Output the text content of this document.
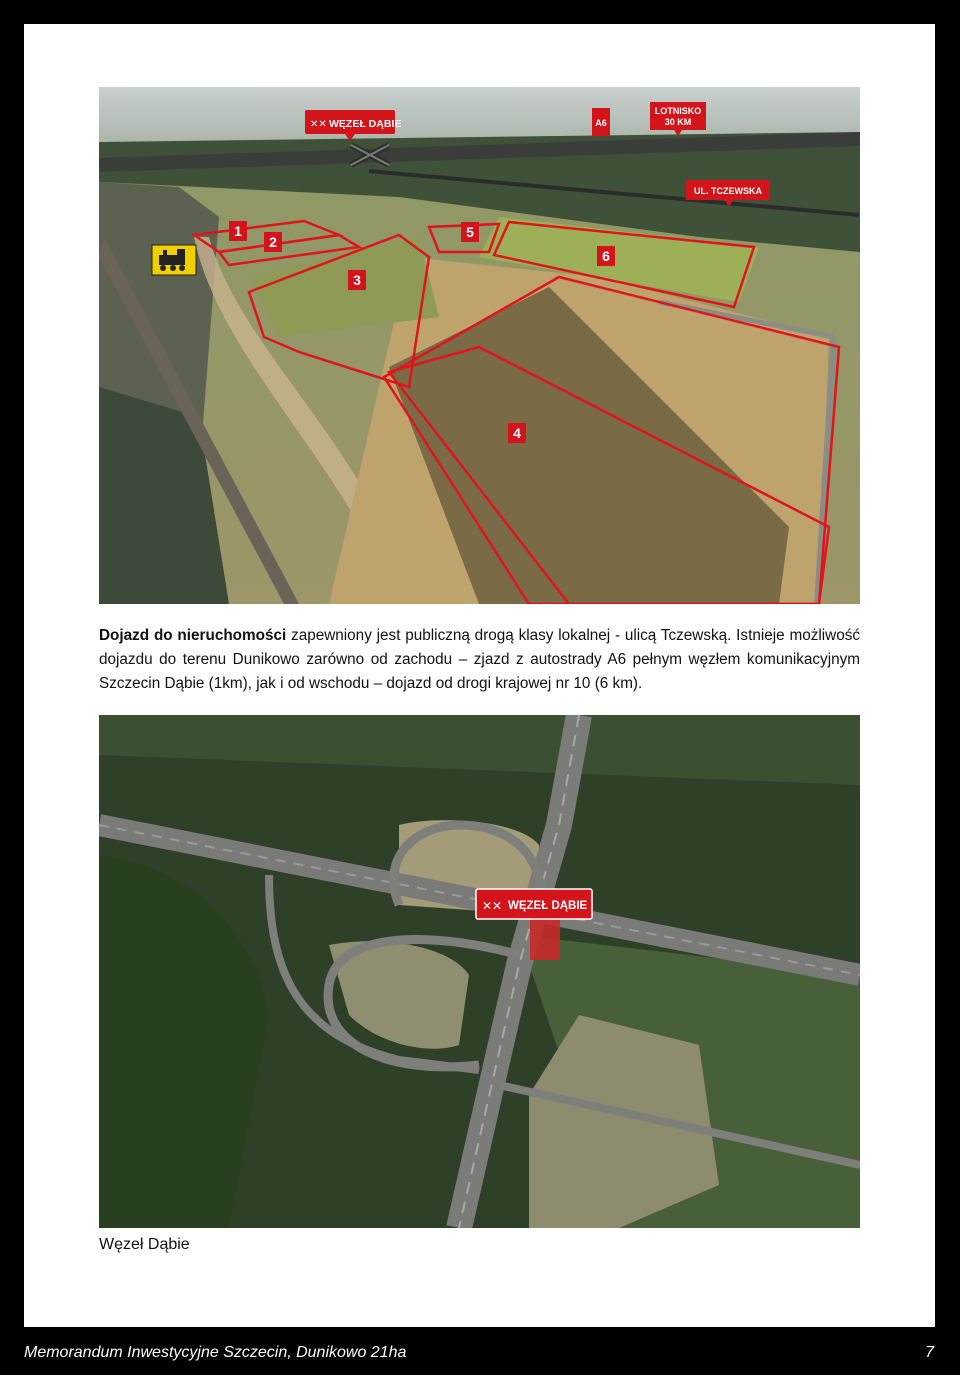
1
2
3
4
5
6
✕✕ WĘZEŁ DĄBIE	A6
LOTNISKO
30 KM
UL. TCZEWSKA
Dojazd do nieruchomości zapewniony jest publiczną drogą klasy lokalnej - ulicą Tczewską. Istnieje możliwość dojazdu do terenu Dunikowo zarówno od zachodu – zjazd z autostrady A6 pełnym węzłem komunikacyjnym Szczecin Dąbie (1km), jak i od wschodu – dojazd od drogi krajowej nr 10 (6 km).
✕✕ WĘZEŁ DĄBIE
Węzeł Dąbie
Memorandum Inwestycyjne Szczecin, Dunikowo 21ha	7
